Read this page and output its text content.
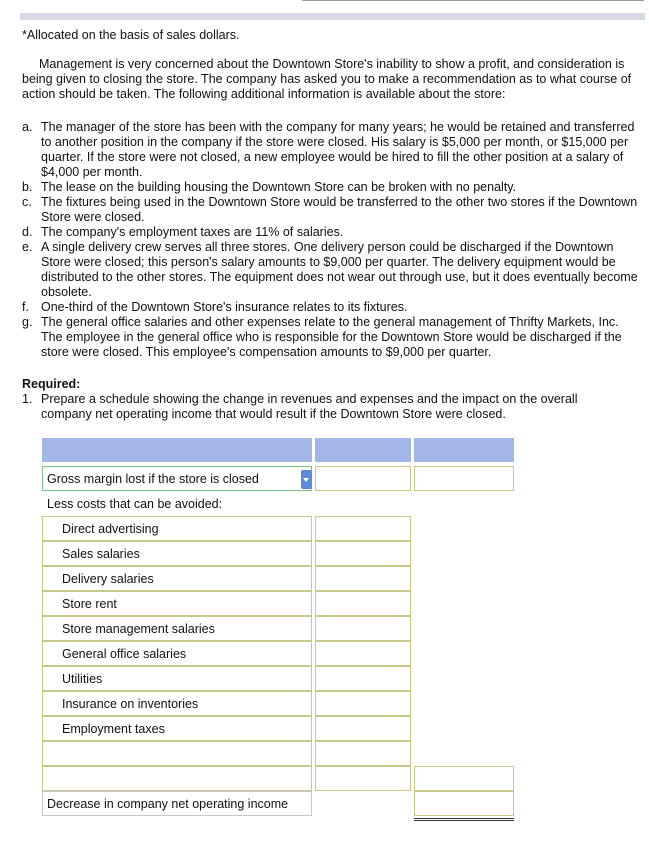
*Allocated on the basis of sales dollars.
Management is very concerned about the Downtown Store's inability to show a profit, and consideration is being given to closing the store. The company has asked you to make a recommendation as to what course of action should be taken. The following additional information is available about the store:
a. The manager of the store has been with the company for many years; he would be retained and transferred to another position in the company if the store were closed. His salary is $5,000 per month, or $15,000 per quarter. If the store were not closed, a new employee would be hired to fill the other position at a salary of $4,000 per month.
b. The lease on the building housing the Downtown Store can be broken with no penalty.
c. The fixtures being used in the Downtown Store would be transferred to the other two stores if the Downtown Store were closed.
d. The company's employment taxes are 11% of salaries.
e. A single delivery crew serves all three stores. One delivery person could be discharged if the Downtown Store were closed; this person's salary amounts to $9,000 per quarter. The delivery equipment would be distributed to the other stores. The equipment does not wear out through use, but it does eventually become obsolete.
f. One-third of the Downtown Store's insurance relates to its fixtures.
g. The general office salaries and other expenses relate to the general management of Thrifty Markets, Inc. The employee in the general office who is responsible for the Downtown Store would be discharged if the store were closed. This employee's compensation amounts to $9,000 per quarter.
Required:
1. Prepare a schedule showing the change in revenues and expenses and the impact on the overall company net operating income that would result if the Downtown Store were closed.
Gross margin lost if the store is closed
Less costs that can be avoided:
Direct advertising
Sales salaries
Delivery salaries
Store rent
Store management salaries
General office salaries
Utilities
Insurance on inventories
Employment taxes
Decrease in company net operating income
